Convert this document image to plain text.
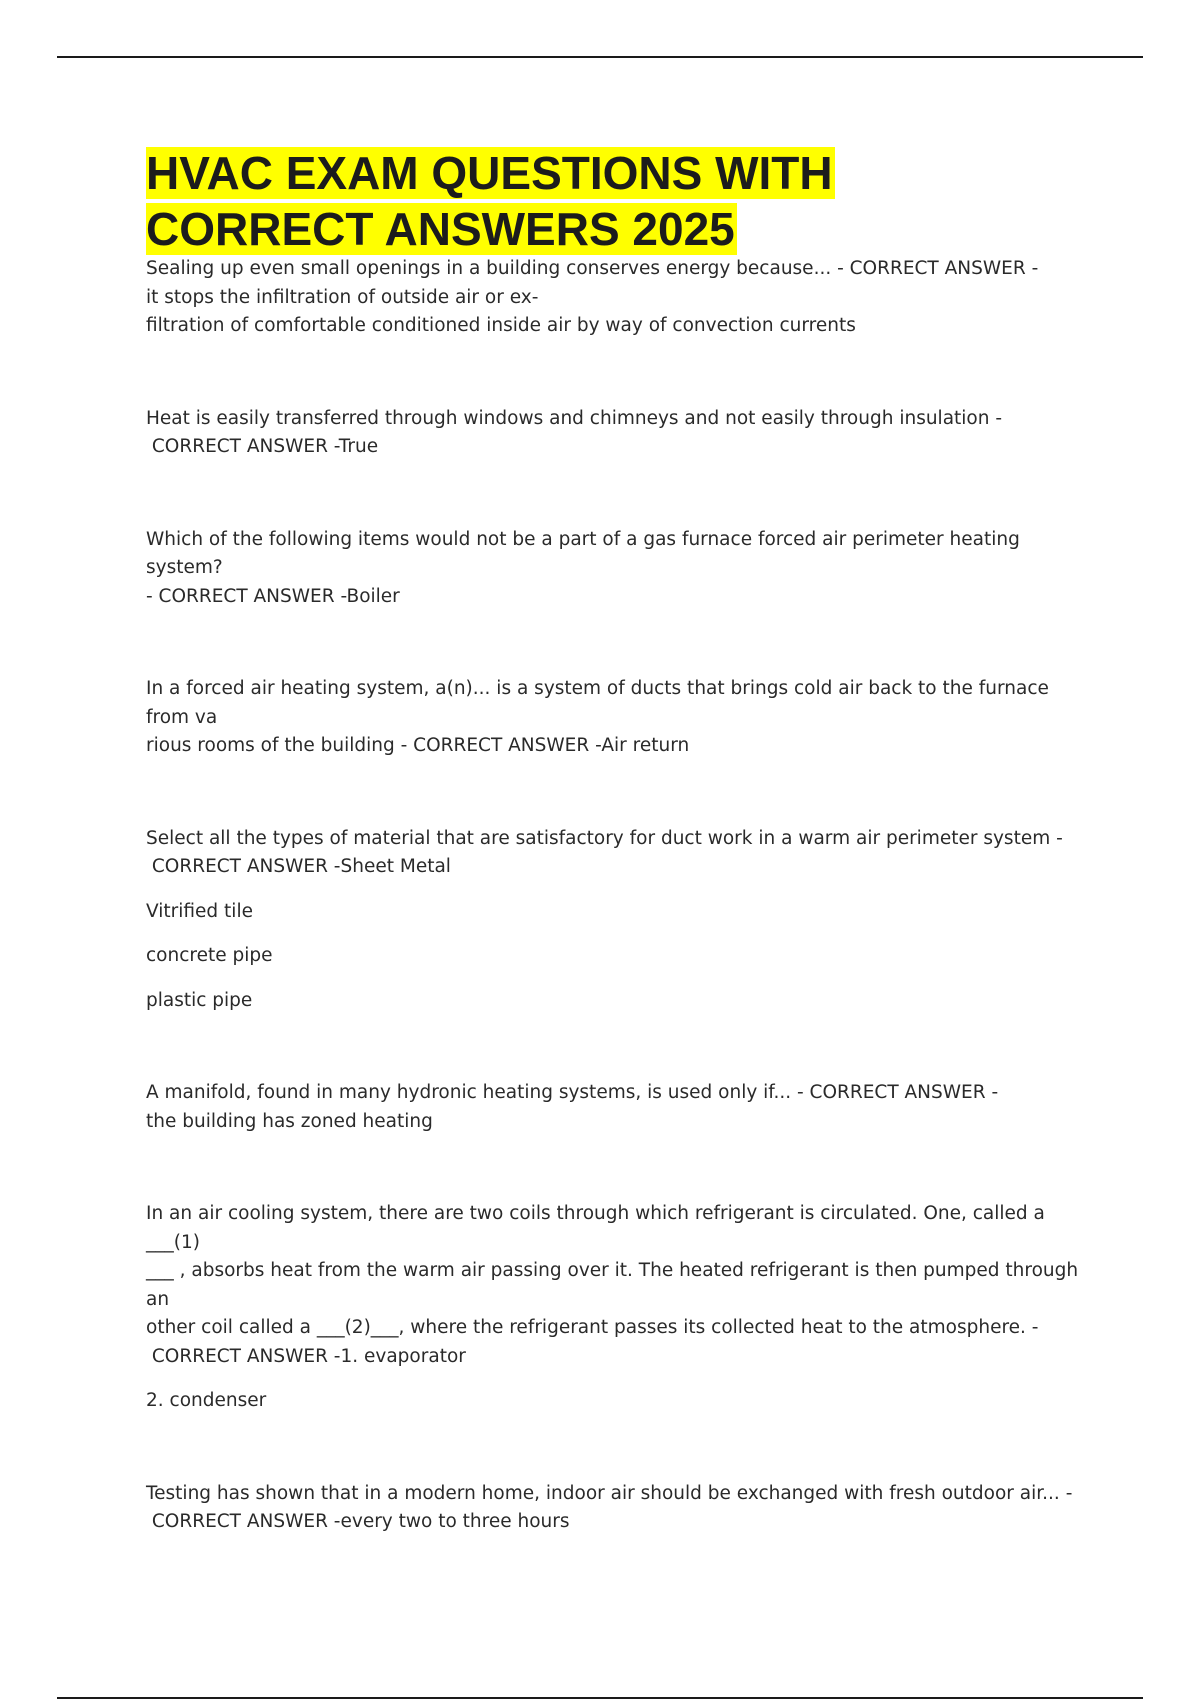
HVAC EXAM QUESTIONS WITH
CORRECT ANSWERS 2025

Sealing up even small openings in a building conserves energy because... - CORRECT ANSWER -

it stops the infiltration of outside air or ex-

filtration of comfortable conditioned inside air by way of convection currents

Heat is easily transferred through windows and chimneys and not easily through insulation -

CORRECT ANSWER -True

Which of the following items would not be a part of a gas furnace forced air perimeter heating system?

- CORRECT ANSWER -Boiler

In a forced air heating system, a(n)... is a system of ducts that brings cold air back to the furnace from va

rious rooms of the building - CORRECT ANSWER -Air return

Select all the types of material that are satisfactory for duct work in a warm air perimeter system -

CORRECT ANSWER -Sheet Metal

Vitrified tile

concrete pipe

plastic pipe

A manifold, found in many hydronic heating systems, is used only if... - CORRECT ANSWER -

the building has zoned heating

In an air cooling system, there are two coils through which refrigerant is circulated. One, called a ___(1)

___ , absorbs heat from the warm air passing over it. The heated refrigerant is then pumped through an

other coil called a ___(2)___, where the refrigerant passes its collected heat to the atmosphere. -

CORRECT ANSWER -1. evaporator

2. condenser

Testing has shown that in a modern home, indoor air should be exchanged with fresh outdoor air... -

CORRECT ANSWER -every two to three hours
